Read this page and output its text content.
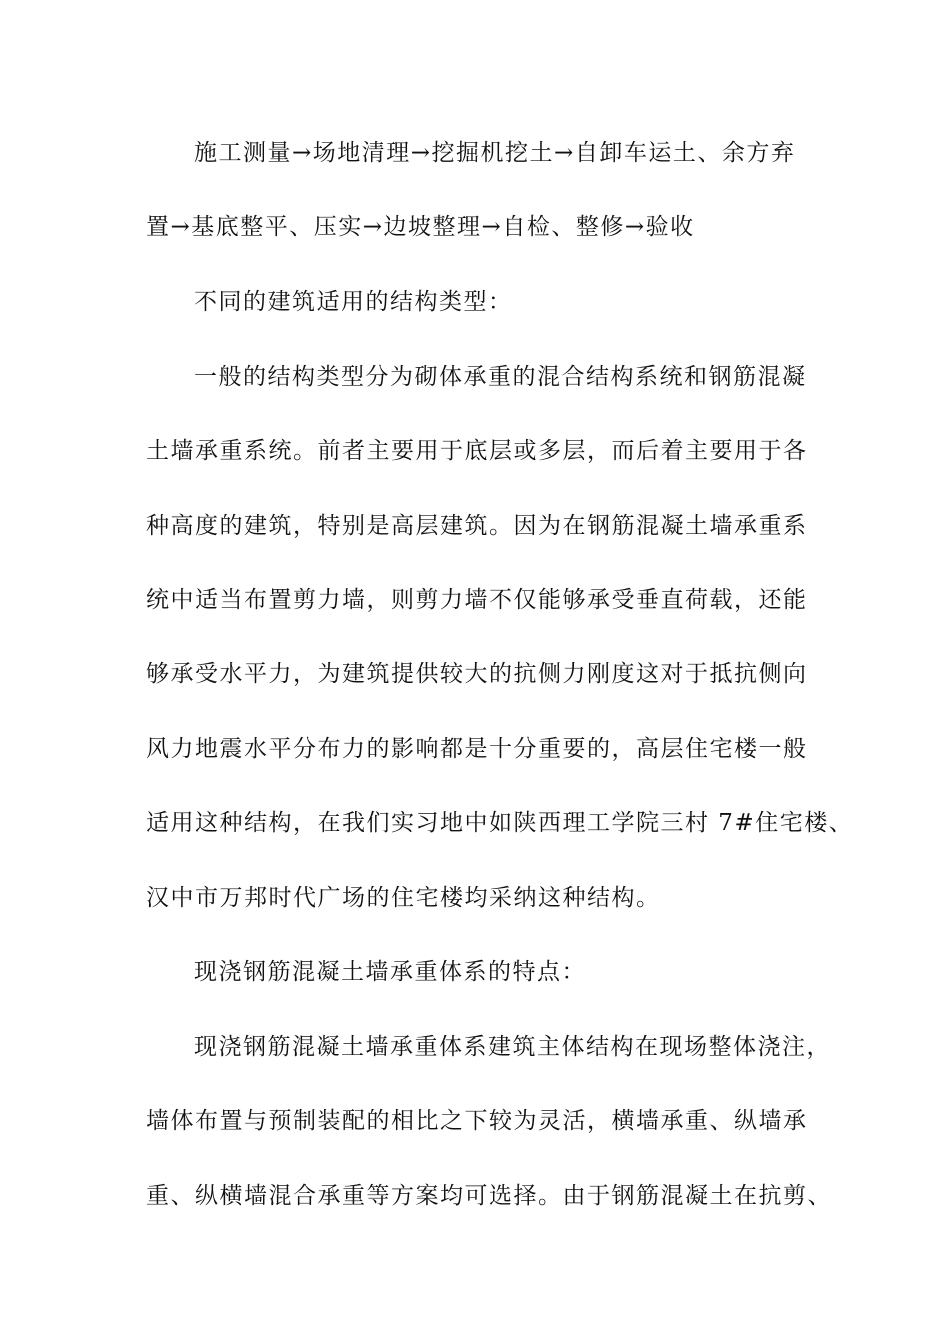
施工测量→场地清理→挖掘机挖土→自卸车运土、余方弃
置→基底整平、压实→边坡整理→自检、整修→验收
不同的建筑适用的结构类型：
一般的结构类型分为砌体承重的混合结构系统和钢筋混凝
土墙承重系统。前者主要用于底层或多层，而后着主要用于各
种高度的建筑，特别是高层建筑。因为在钢筋混凝土墙承重系
统中适当布置剪力墙，则剪力墙不仅能够承受垂直荷载，还能
够承受水平力，为建筑提供较大的抗侧力刚度这对于抵抗侧向
风力地震水平分布力的影响都是十分重要的，高层住宅楼一般
适用这种结构，在我们实习地中如陕西理工学院三村 7#住宅楼、
汉中市万邦时代广场的住宅楼均采纳这种结构。
现浇钢筋混凝土墙承重体系的特点：
现浇钢筋混凝土墙承重体系建筑主体结构在现场整体浇注，
墙体布置与预制装配的相比之下较为灵活，横墙承重、纵墙承
重、纵横墙混合承重等方案均可选择。由于钢筋混凝土在抗剪、
